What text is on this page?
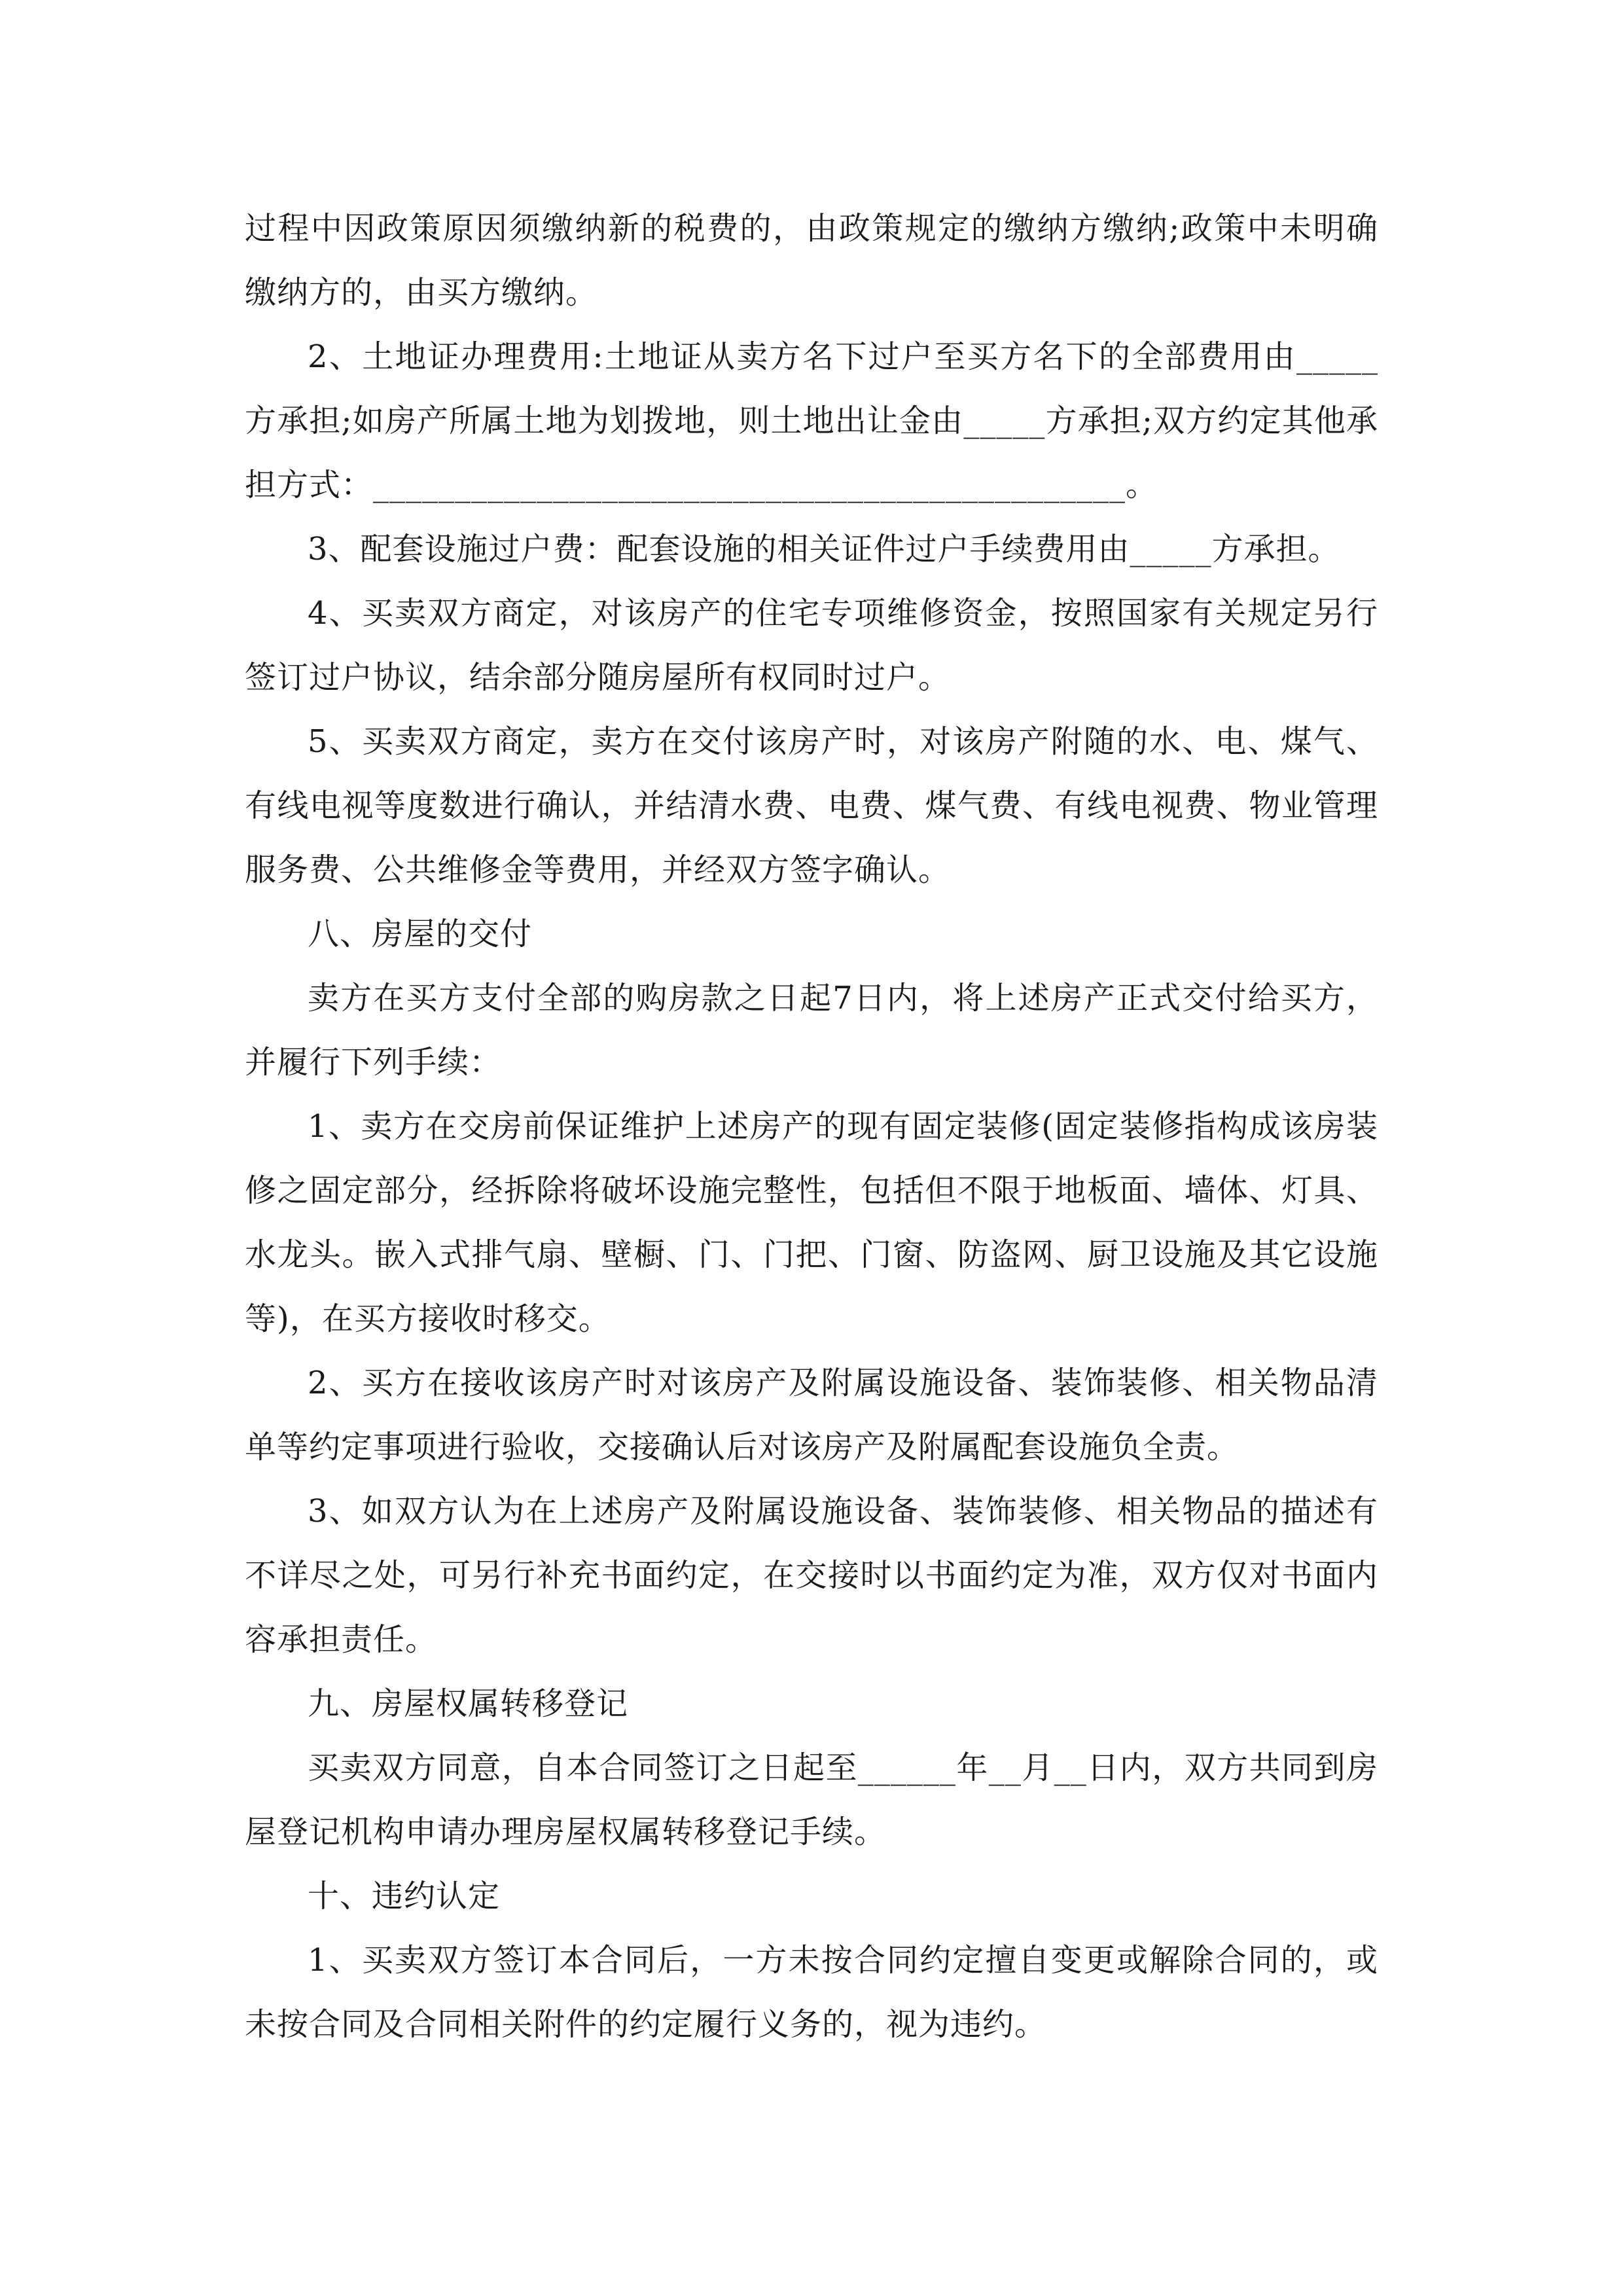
过程中因政策原因须缴纳新的税费的，由政策规定的缴纳方缴纳;政策中未明确缴纳方的，由买方缴纳。

2、土地证办理费用:土地证从卖方名下过户至买方名下的全部费用由_____方承担;如房产所属土地为划拨地，则土地出让金由_____方承担;双方约定其他承担方式：______________________________________________。

3、配套设施过户费：配套设施的相关证件过户手续费用由_____方承担。

4、买卖双方商定，对该房产的住宅专项维修资金，按照国家有关规定另行签订过户协议，结余部分随房屋所有权同时过户。

5、买卖双方商定，卖方在交付该房产时，对该房产附随的水、电、煤气、有线电视等度数进行确认，并结清水费、电费、煤气费、有线电视费、物业管理服务费、公共维修金等费用，并经双方签字确认。

八、房屋的交付

卖方在买方支付全部的购房款之日起7日内，将上述房产正式交付给买方，并履行下列手续：

1、卖方在交房前保证维护上述房产的现有固定装修(固定装修指构成该房装修之固定部分，经拆除将破坏设施完整性，包括但不限于地板面、墙体、灯具、水龙头。嵌入式排气扇、壁橱、门、门把、门窗、防盗网、厨卫设施及其它设施等)，在买方接收时移交。

2、买方在接收该房产时对该房产及附属设施设备、装饰装修、相关物品清单等约定事项进行验收，交接确认后对该房产及附属配套设施负全责。

3、如双方认为在上述房产及附属设施设备、装饰装修、相关物品的描述有不详尽之处，可另行补充书面约定，在交接时以书面约定为准，双方仅对书面内容承担责任。

九、房屋权属转移登记

买卖双方同意，自本合同签订之日起至______年__月__日内，双方共同到房屋登记机构申请办理房屋权属转移登记手续。

十、违约认定

1、买卖双方签订本合同后，一方未按合同约定擅自变更或解除合同的，或未按合同及合同相关附件的约定履行义务的，视为违约。
